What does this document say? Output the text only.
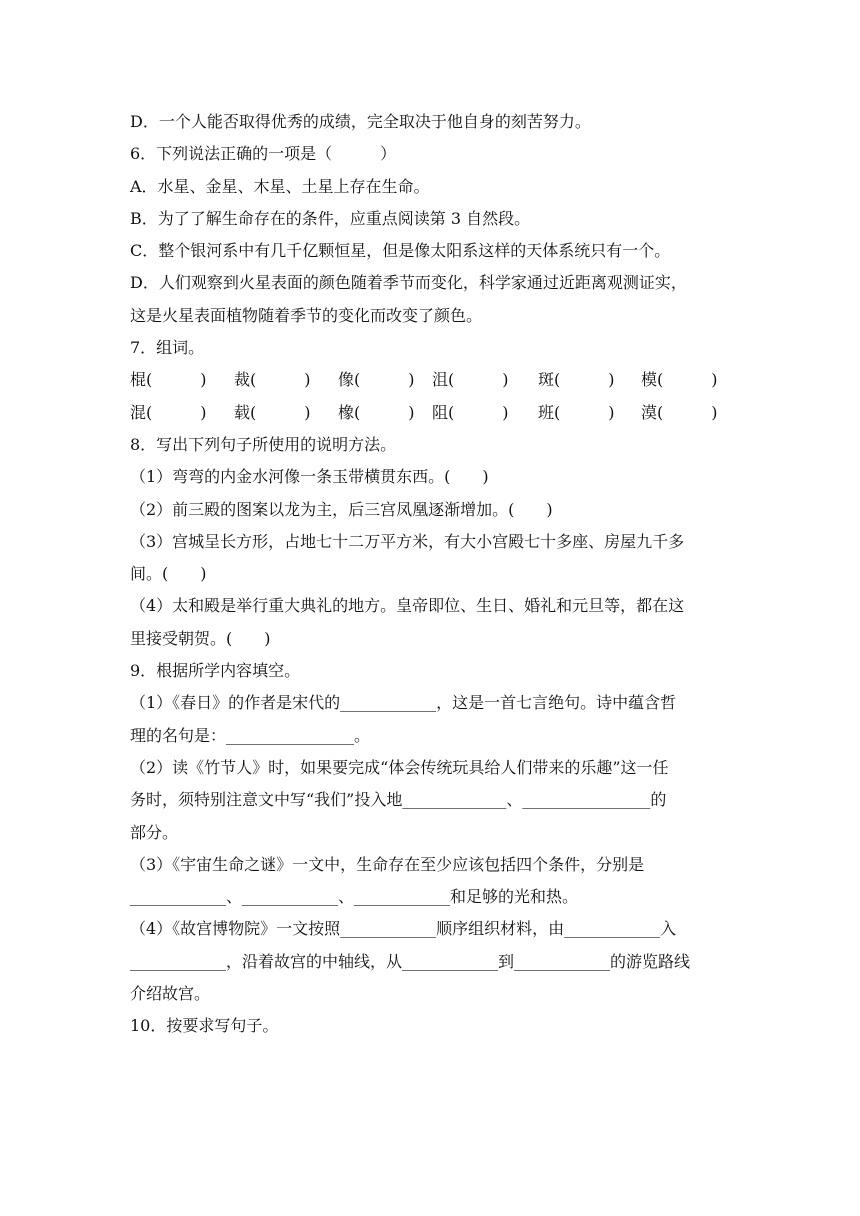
D．一个人能否取得优秀的成绩，完全取决于他自身的刻苦努力。
6．下列说法正确的一项是（　　　）
A．水星、金星、木星、土星上存在生命。
B．为了了解生命存在的条件，应重点阅读第 3 自然段。
C．整个银河系中有几千亿颗恒星，但是像太阳系这样的天体系统只有一个。
D．人们观察到火星表面的颜色随着季节而变化，科学家通过近距离观测证实，
这是火星表面植物随着季节的变化而改变了颜色。
7．组词。
棍(　　　) 裁(　　　) 像(　　　) 沮(　　　) 斑(　　　) 模(　　　)
混(　　　) 载(　　　) 橡(　　　) 阻(　　　) 班(　　　) 漠(　　　)
8．写出下列句子所使用的说明方法。
（1）弯弯的内金水河像一条玉带横贯东西。(　　)
（2）前三殿的图案以龙为主，后三宫凤凰逐渐增加。(　　)
（3）宫城呈长方形，占地七十二万平方米，有大小宫殿七十多座、房屋九千多
间。(　　)
（4）太和殿是举行重大典礼的地方。皇帝即位、生日、婚礼和元旦等，都在这
里接受朝贺。(　　)
9．根据所学内容填空。
（1）《春日》的作者是宋代的____________，这是一首七言绝句。诗中蕴含哲
理的名句是：________________。
（2）读《竹节人》时，如果要完成“体会传统玩具给人们带来的乐趣”这一任
务时，须特别注意文中写“我们”投入地_____________、________________的
部分。
（3）《宇宙生命之谜》一文中，生命存在至少应该包括四个条件，分别是
____________、____________、____________和足够的光和热。
（4）《故宫博物院》一文按照____________顺序组织材料，由____________入
____________，沿着故宫的中轴线，从____________到____________的游览路线
介绍故宫。
10．按要求写句子。
